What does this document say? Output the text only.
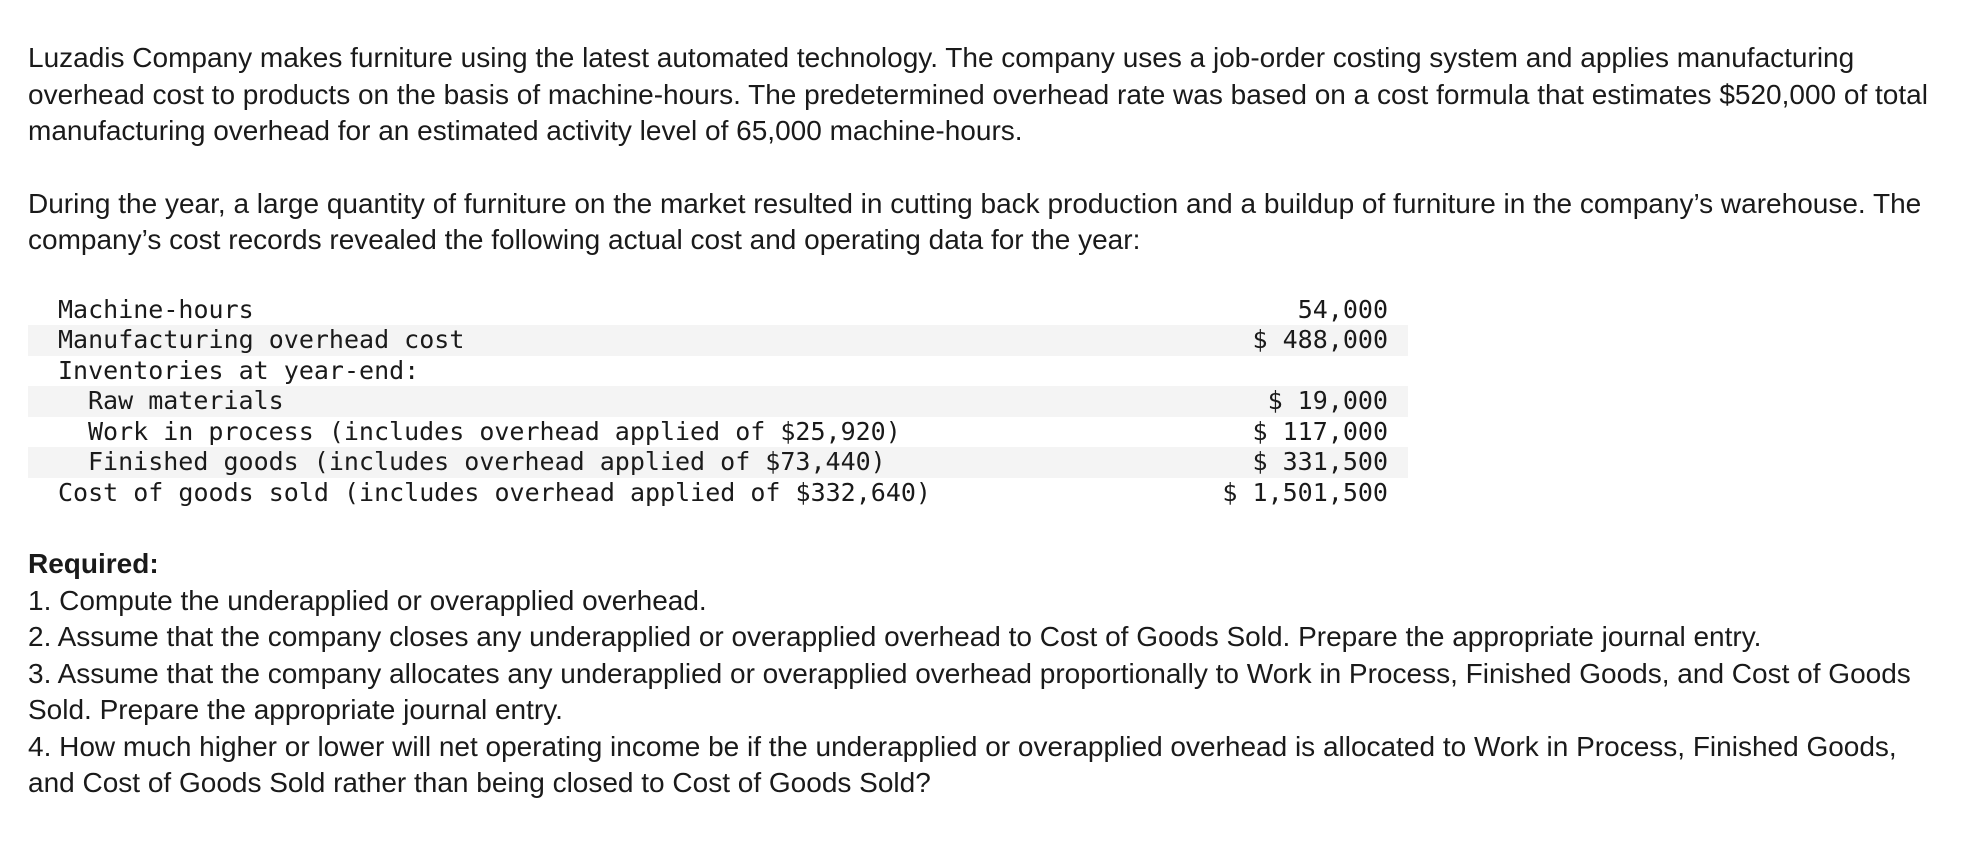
Luzadis Company makes furniture using the latest automated technology. The company uses a job-order costing system and applies manufacturing overhead cost to products on the basis of machine-hours. The predetermined overhead rate was based on a cost formula that estimates $520,000 of total manufacturing overhead for an estimated activity level of 65,000 machine-hours.

During the year, a large quantity of furniture on the market resulted in cutting back production and a buildup of furniture in the company’s warehouse. The company’s cost records revealed the following actual cost and operating data for the year:

Machine-hours	54,000
Manufacturing overhead cost	$ 488,000
Inventories at year-end:	
Raw materials	$ 19,000
Work in process (includes overhead applied of $25,920)	$ 117,000
Finished goods (includes overhead applied of $73,440)	$ 331,500
Cost of goods sold (includes overhead applied of $332,640)	$ 1,501,500

Required:

1. Compute the underapplied or overapplied overhead.

2. Assume that the company closes any underapplied or overapplied overhead to Cost of Goods Sold. Prepare the appropriate journal entry.

3. Assume that the company allocates any underapplied or overapplied overhead proportionally to Work in Process, Finished Goods, and Cost of Goods Sold. Prepare the appropriate journal entry.

4. How much higher or lower will net operating income be if the underapplied or overapplied overhead is allocated to Work in Process, Finished Goods, and Cost of Goods Sold rather than being closed to Cost of Goods Sold?
